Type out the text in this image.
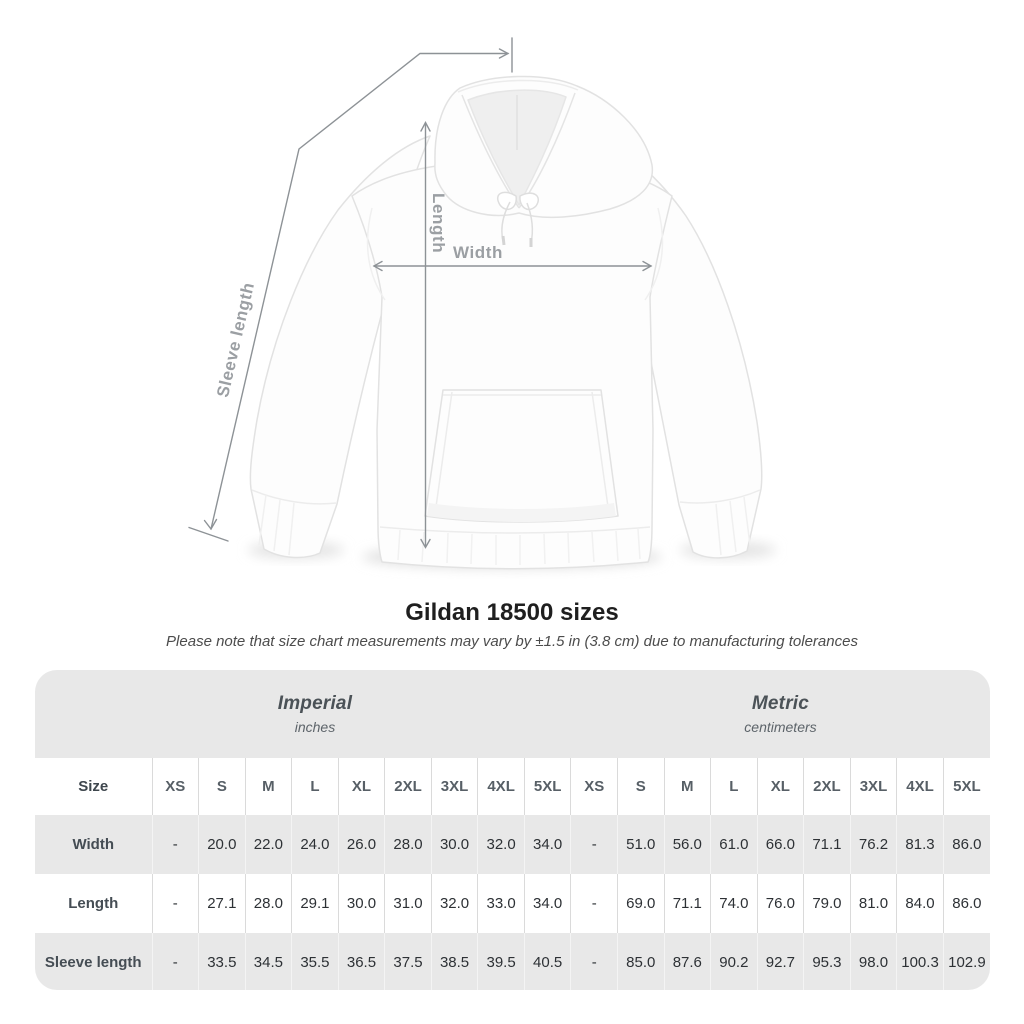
Sleeve length
Length Width
Gildan 18500 sizes
Please note that size chart measurements may vary by ±1.5 in (3.8 cm) due to manufacturing tolerances
Imperial
inches

Metric
centimeters

Size	XS	S	M	L	XL	2XL	3XL	4XL	5XL	XS	S	M	L	XL	2XL	3XL	4XL	5XL
Width	-	20.0	22.0	24.0	26.0	28.0	30.0	32.0	34.0	-	51.0	56.0	61.0	66.0	71.1	76.2	81.3	86.0
Length	-	27.1	28.0	29.1	30.0	31.0	32.0	33.0	34.0	-	69.0	71.1	74.0	76.0	79.0	81.0	84.0	86.0
Sleeve length	-	33.5	34.5	35.5	36.5	37.5	38.5	39.5	40.5	-	85.0	87.6	90.2	92.7	95.3	98.0	100.3	102.9
